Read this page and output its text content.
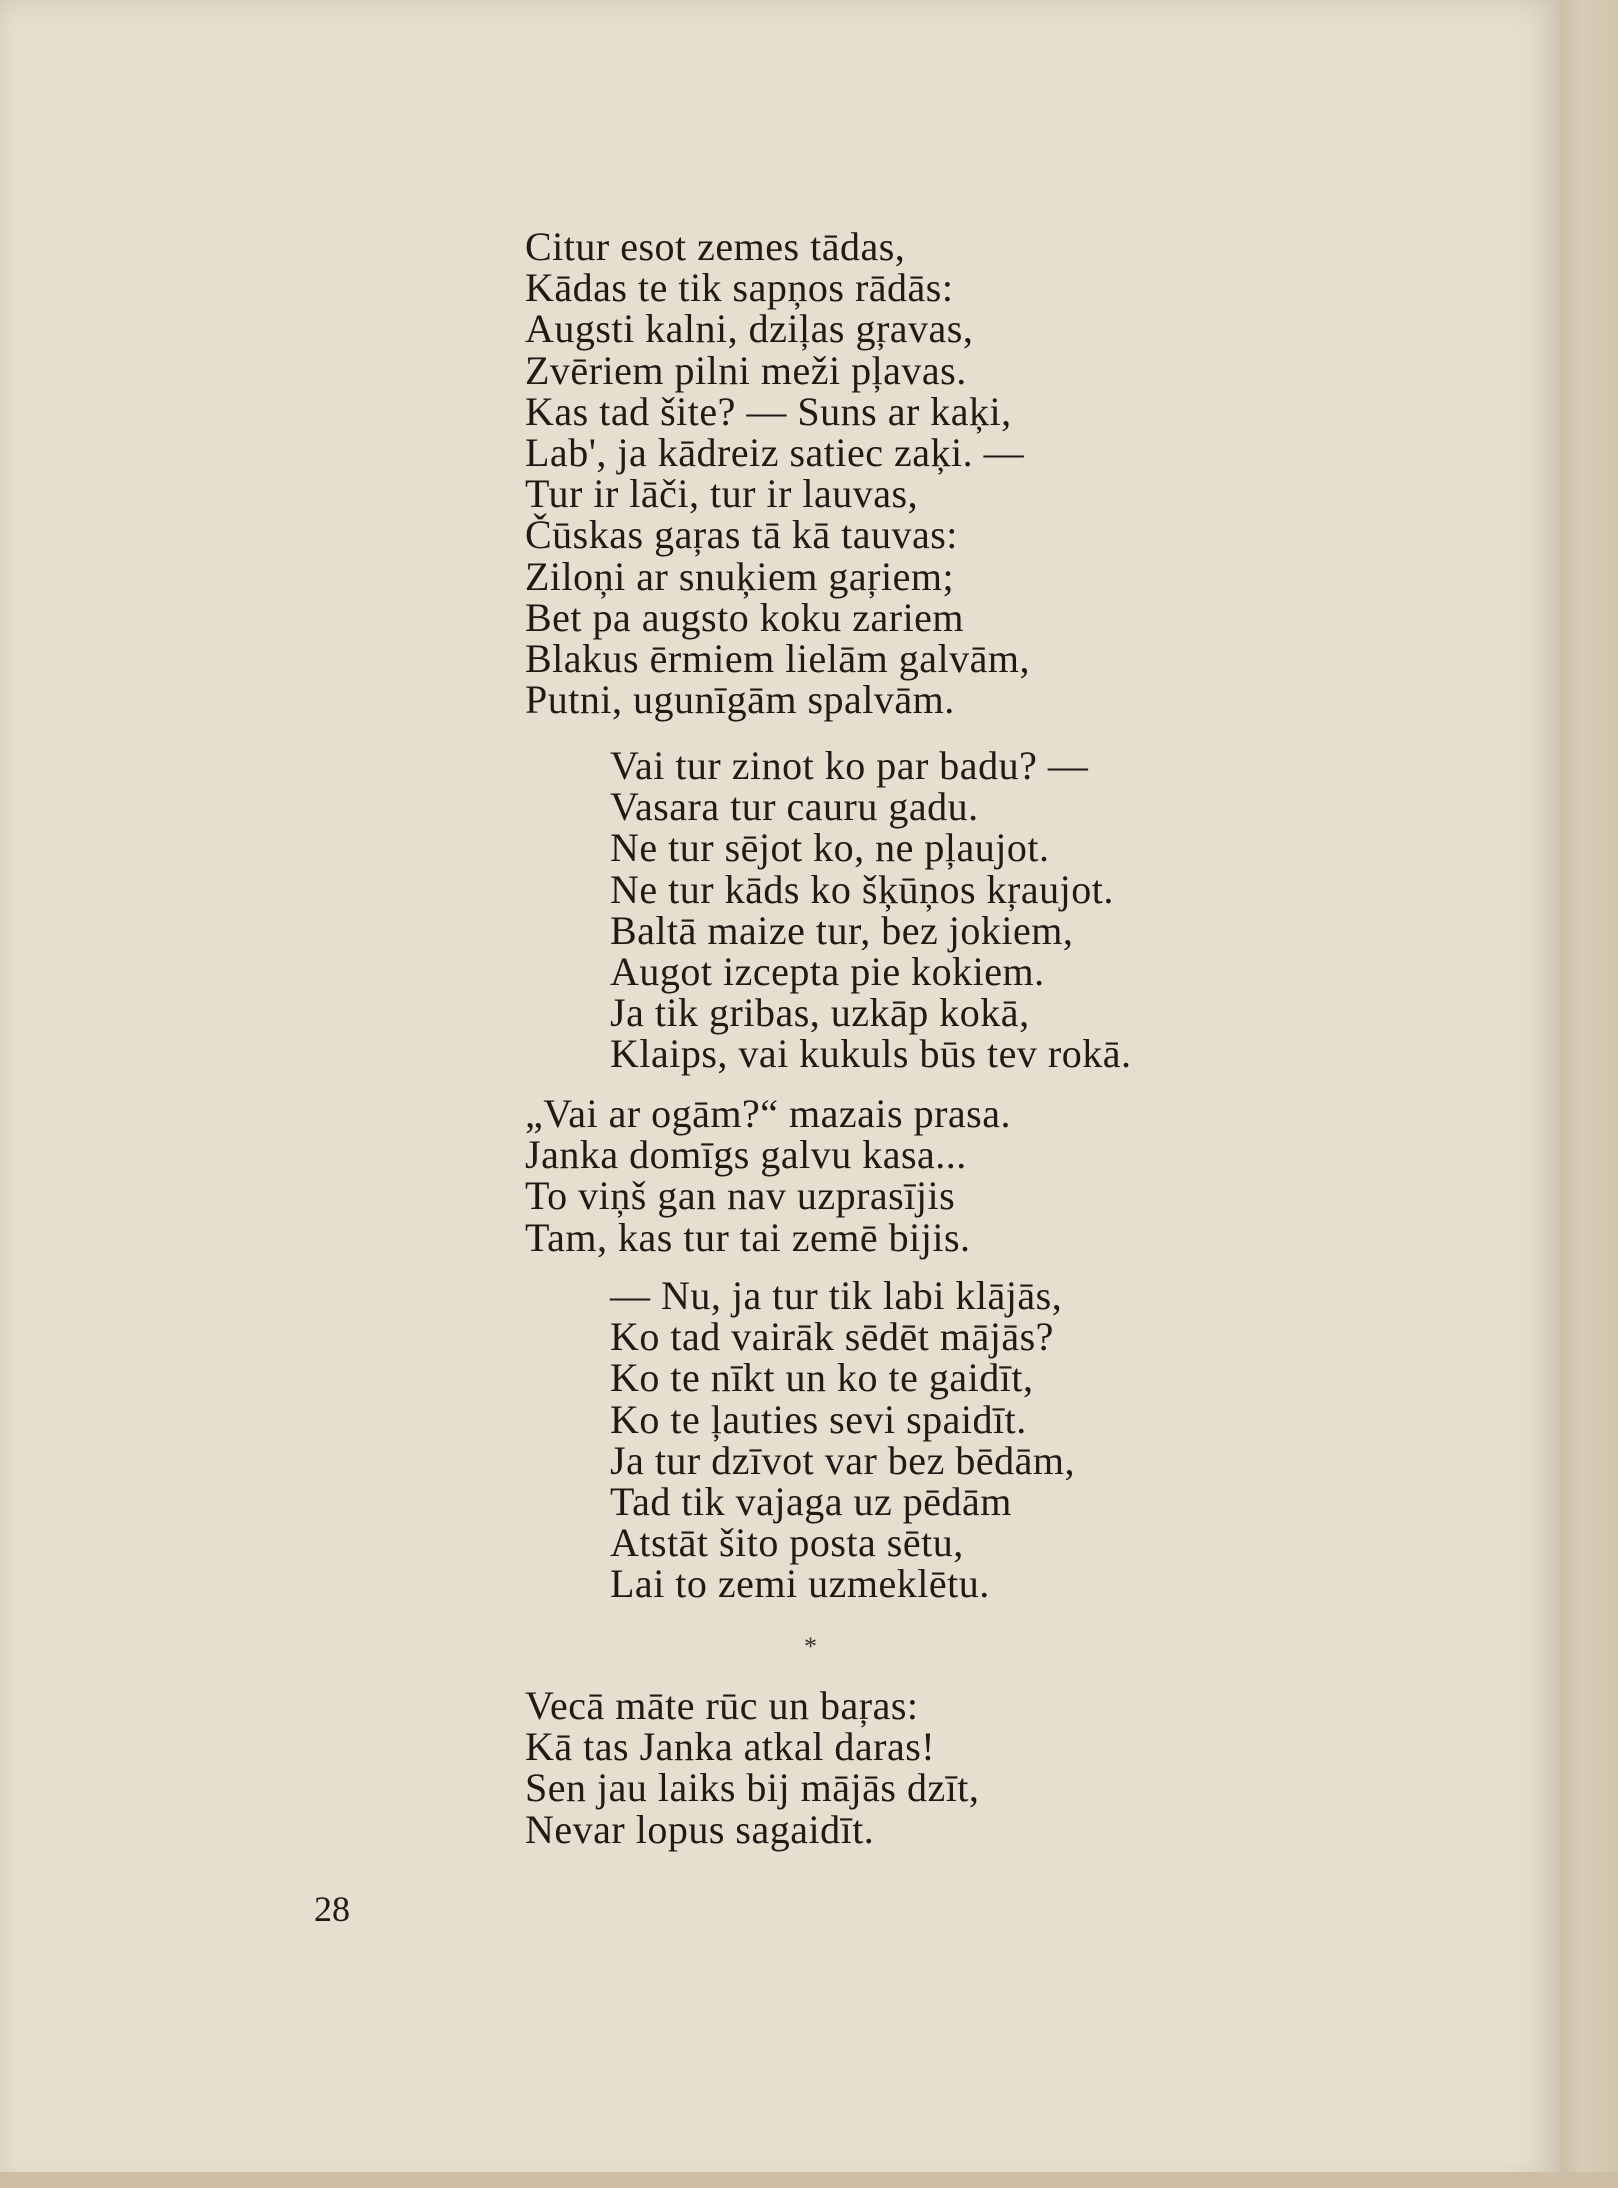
Citur esot zemes tādas,
Kādas te tik sapņos rādās:
Augsti kalni, dziļas gŗavas,
Zvēriem pilni meži pļavas.
Kas tad šite? — Suns ar kaķi,
Lab', ja kādreiz satiec zaķi. —
Tur ir lāči, tur ir lauvas,
Čūskas gaŗas tā kā tauvas:
Ziloņi ar snuķiem gaŗiem;
Bet pa augsto koku zariem
Blakus ērmiem lielām galvām,
Putni, ugunīgām spalvām.
Vai tur zinot ko par badu? —
Vasara tur cauru gadu.
Ne tur sējot ko, ne pļaujot.
Ne tur kāds ko šķūņos kŗaujot.
Baltā maize tur, bez jokiem,
Augot izcepta pie kokiem.
Ja tik gribas, uzkāp kokā,
Klaips, vai kukuls būs tev rokā.
„Vai ar ogām?“ mazais prasa.
Janka domīgs galvu kasa...
To viņš gan nav uzprasījis
Tam, kas tur tai zemē bijis.
— Nu, ja tur tik labi klājās,
Ko tad vairāk sēdēt mājās?
Ko te nīkt un ko te gaidīt,
Ko te ļauties sevi spaidīt.
Ja tur dzīvot var bez bēdām,
Tad tik vajaga uz pēdām
Atstāt šito posta sētu,
Lai to zemi uzmeklētu.
*
Vecā māte rūc un baŗas:
Kā tas Janka atkal daras!
Sen jau laiks bij mājās dzīt,
Nevar lopus sagaidīt.
28
